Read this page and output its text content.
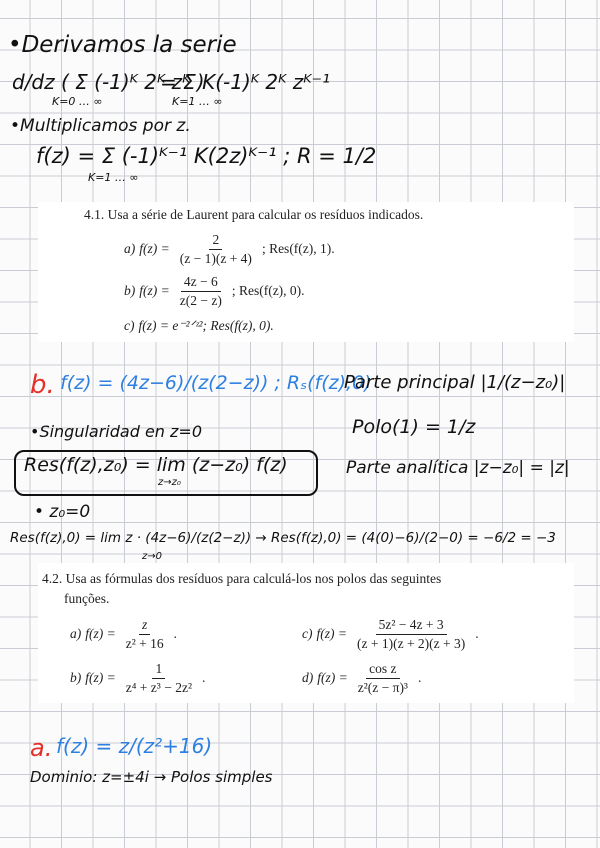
•Derivamos la serie
d/dz ( Σ (-1)ᴷ 2ᴷ zᴷ )
K=0 … ∞
= Σ K(-1)ᴷ 2ᴷ zᴷ⁻¹
K=1 … ∞
•Multiplicamos por z.
f(z) = Σ (-1)ᴷ⁻¹ K(2z)ᴷ⁻¹ ; R = 1/2
K=1 … ∞
4.1. Usa a série de Laurent para calcular os resíduos indicados.
a) $f(z) = \frac{2}{(z - 1)(z + 4)}$ ; Res(f(z), 1).
b) $f(z) = \frac{4z - 6}{z(2 - z)}$ ; Res(f(z), 0).
c) f(z) = e⁻²ᐟᶻ²; Res(f(z), 0).
b. f(z) = (4z−6)/(z(2−z)) ; Rₛ(f(z),0)
Parte principal |1/(z−z₀)|
•Singularidad en z=0	Polo(1) = 1/z
Res(f(z),z₀) = lim (z−z₀) f(z)
z→z₀
Parte analítica |z−z₀| = |z|
• z₀=0
Res(f(z),0) = lim z · (4z−6)/(z(2−z)) → Res(f(z),0) = (4(0)−6)/(2−0) = −6/2 = −3
z→0
4.2. Usa as fórmulas dos resíduos para calculá-los nos polos das seguintes
funções.
a) $f(z) = \frac{z}{\text{z² + 16}}$ .
b) $f(z) = \frac{1}{\text{z⁴ + z³ − 2z²}}$ .
c) $f(z) = \frac{\text{5z² − 4z + 3}}{(z + 1)(z + 2)(z + 3)}$ .
d) $f(z) = \frac{\text{cos z}}{\text{z²(z − π)³}}$ .
a. f(z) = z/(z²+16)
Dominio: z=±4i → Polos simples
